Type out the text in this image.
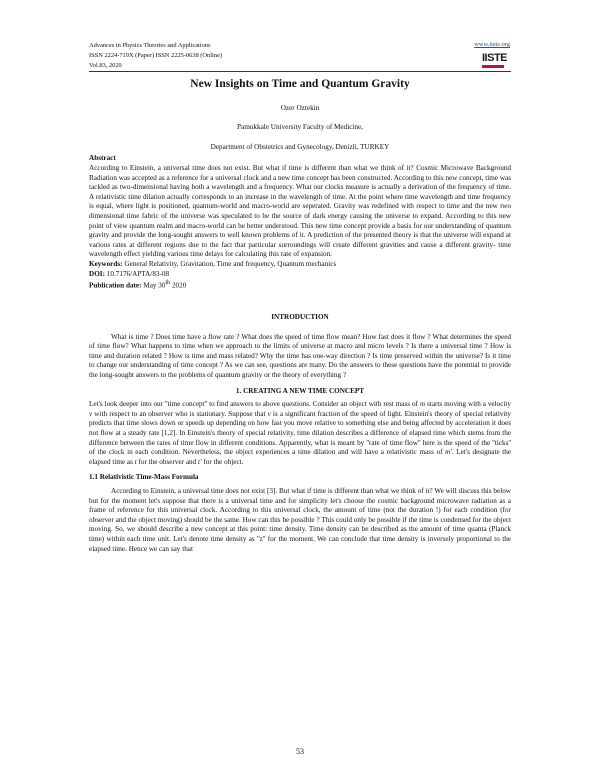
Advances in Physics Theories and Applications
ISSN 2224-719X (Paper) ISSN 2225-0638 (Online)
Vol.83, 2020
www.iiste.org
IISTE
New Insights on Time and Quantum Gravity

Ozer Oztekin

Pamukkale University Faculty of Medicine,

Department of Obstetrics and Gynecology, Denizli, TURKEY

Abstract

According to Einstein, a universal time does not exist. But what if time is different than what we think of it? Cosmic Microwave Background Radiation was accepted as a reference for a universal clock and a new time concept has been constructed. According to this new concept, time was tackled as two-dimensional having both a wavelength and a frequency. What our clocks measure is actually a derivation of the frequency of time. A relativistic time dilation actually corresponds to an increase in the wavelength of time. At the point where time wavelength and time frequency is equal, where light is positioned, quantum-world and macro-world are seperated. Gravity was redefined with respect to time and the new two dimensional time fabric of the universe was speculated to be the source of dark energy causing the universe to expand. According to this new point of view quantum realm and macro-world can be better understood. This new time concept provide a basis for our understanding of quantum gravity and provide the long-sought answers to well known problems of it. A prediction of the presented theory is that the universe will expand at various rates at different regions due to the fact that particular surroundings will create different gravities and cause a different gravity- time wavelength effect yielding various time delays for calculating this rate of expansion.

Keywords: General Relativity, Gravitation, Time and frequency, Quantum mechanics
DOI: 10.7176/APTA/83-08
Publication date: May 30th 2020
INTRODUCTION

What is time ? Does time have a flow rate ? What does the speed of time flow mean? How fast does it flow ? What determines the speed of time flow? What happens to time when we approach to the limits of universe at macro and micro levels ? Is there a universal time ? How is time and duration related ? How is time and mass related? Why the time has one-way direction ? Is time preserved within the universe? Is it time to change our understanding of time concept ? As we can see, questions are many. Do the answers to these questions have the potential to provide the long-sought answers to the problems of quantum gravity or the theory of everything ?

1. CREATING A NEW TIME CONCEPT

Let's look deeper into our ''time concept'' to find answers to above questions. Consider an object with rest mass of m starts moving with a velocity v with respect to an observer who is stationary. Suppose that v is a significant fraction of the speed of light. Einstein's theory of special relativity predicts that time slows down or speeds up depending on how fast you move relative to something else and being affected by acceleration it does not flow at a steady rate [1,2]. In Einstein's theory of special relativity, time dilation describes a difference of elapsed time which stems from the difference between the rates of time flow in different conditions. Apparently, what is meant by ''rate of time flow'' here is the speed of the ''ticks'' of the clock in each condition. Nevertheless, the object experiences a time dilation and will have a relativistic mass of m'. Let's designate the elapsed time as t for the observer and t' for the object.

1.1 Relativistic Time-Mass Formula

According to Einstein, a universal time does not exist [3]. But what if time is different than what we think of it? We will discuss this below but for the moment let's suppose that there is a universal time and for simplicity let's choose the cosmic background microwave radiation as a frame of reference for this universal clock. According to this universal clock, the amount of time (not the duration !) for each condition (for observer and the object moving) should be the same. How can this be possible ? This could only be possible if the time is condensed for the object moving. So, we should describe a new concept at this point: time density. Time density can be described as the amount of time quanta (Planck time) within each time unit. Let's denote time density as ''z'' for the moment. We can conclude that time density is inversely proportional to the elapsed time. Hence we can say that

53
